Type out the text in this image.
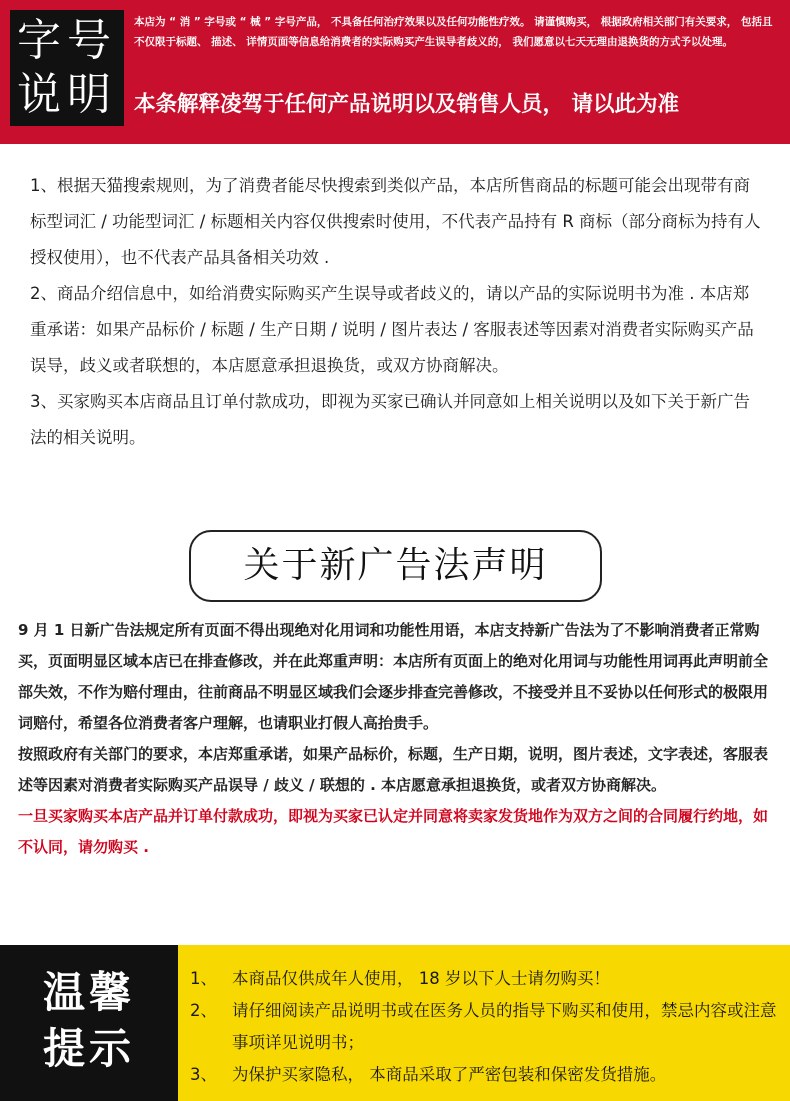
字号
说明
本店为 “ 消 ” 字号或 “ 械 ” 字号产品， 不具备任何治疗效果以及任何功能性疗效。 请谨慎购买， 根据政府相关部门有关要求， 包括且不仅限于标题、 描述、 详情页面等信息给消费者的实际购买产生误导者歧义的， 我们愿意以七天无理由退换货的方式予以处理。
本条解释凌驾于任何产品说明以及销售人员， 请以此为准

1、根据天猫搜索规则，为了消费者能尽快搜索到类似产品，本店所售商品的标题可能会出现带有商标型词汇 / 功能型词汇 / 标题相关内容仅供搜索时使用，不代表产品持有 R 商标（部分商标为持有人授权使用），也不代表产品具备相关功效 .

2、商品介绍信息中，如给消费实际购买产生误导或者歧义的，请以产品的实际说明书为准 . 本店郑重承诺：如果产品标价 / 标题 / 生产日期 / 说明 / 图片表达 / 客服表述等因素对消费者实际购买产品误导，歧义或者联想的，本店愿意承担退换货，或双方协商解决。

3、买家购买本店商品且订单付款成功，即视为买家已确认并同意如上相关说明以及如下关于新广告法的相关说明。

关于新广告法声明

9 月 1 日新广告法规定所有页面不得出现绝对化用词和功能性用语，本店支持新广告法为了不影响消费者正常购买，页面明显区域本店已在排查修改，并在此郑重声明：本店所有页面上的绝对化用词与功能性用词再此声明前全部失效，不作为赔付理由，往前商品不明显区域我们会逐步排查完善修改，不接受并且不妥协以任何形式的极限用词赔付，希望各位消费者客户理解，也请职业打假人高抬贵手。

按照政府有关部门的要求，本店郑重承诺，如果产品标价，标题，生产日期，说明，图片表述，文字表述，客服表述等因素对消费者实际购买产品误导 / 歧义 / 联想的 . 本店愿意承担退换货，或者双方协商解决。

一旦买家购买本店产品并订单付款成功，即视为买家已认定并同意将卖家发货地作为双方之间的合同履行约地，如不认同，请勿购买 .

温馨
提示
1、 本商品仅供成年人使用， 18 岁以下人士请勿购买！
2、 请仔细阅读产品说明书或在医务人员的指导下购买和使用，禁忌内容或注意事项详见说明书；
3、 为保护买家隐私， 本商品采取了严密包装和保密发货措施。
